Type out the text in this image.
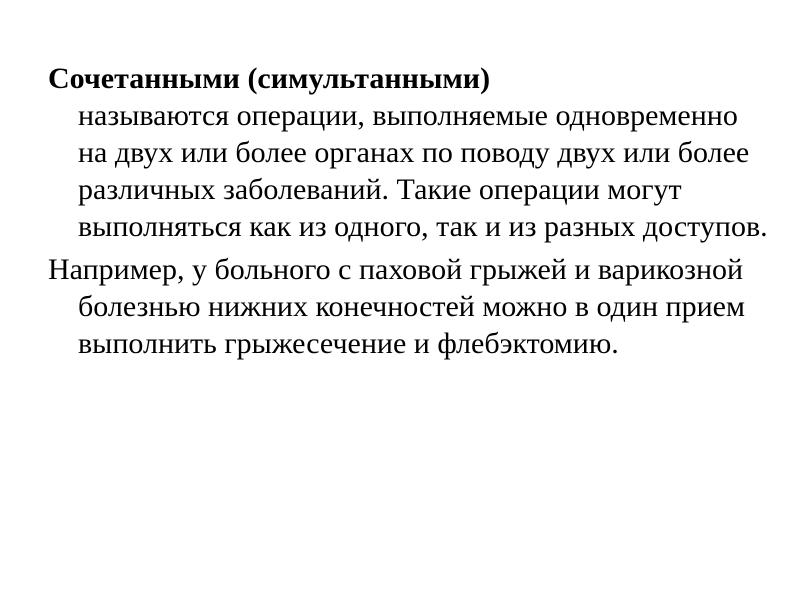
Сочетанными (симультанными)
называются операции, выполняемые одновременно на двух или более органах по поводу двух или более различных заболеваний. Такие операции могут выполняться как из одного, так и из разных доступов.

Например, у больного с паховой грыжей и варикозной болезнью нижних конечностей можно в один прием выполнить грыжесечение и флебэктомию.
